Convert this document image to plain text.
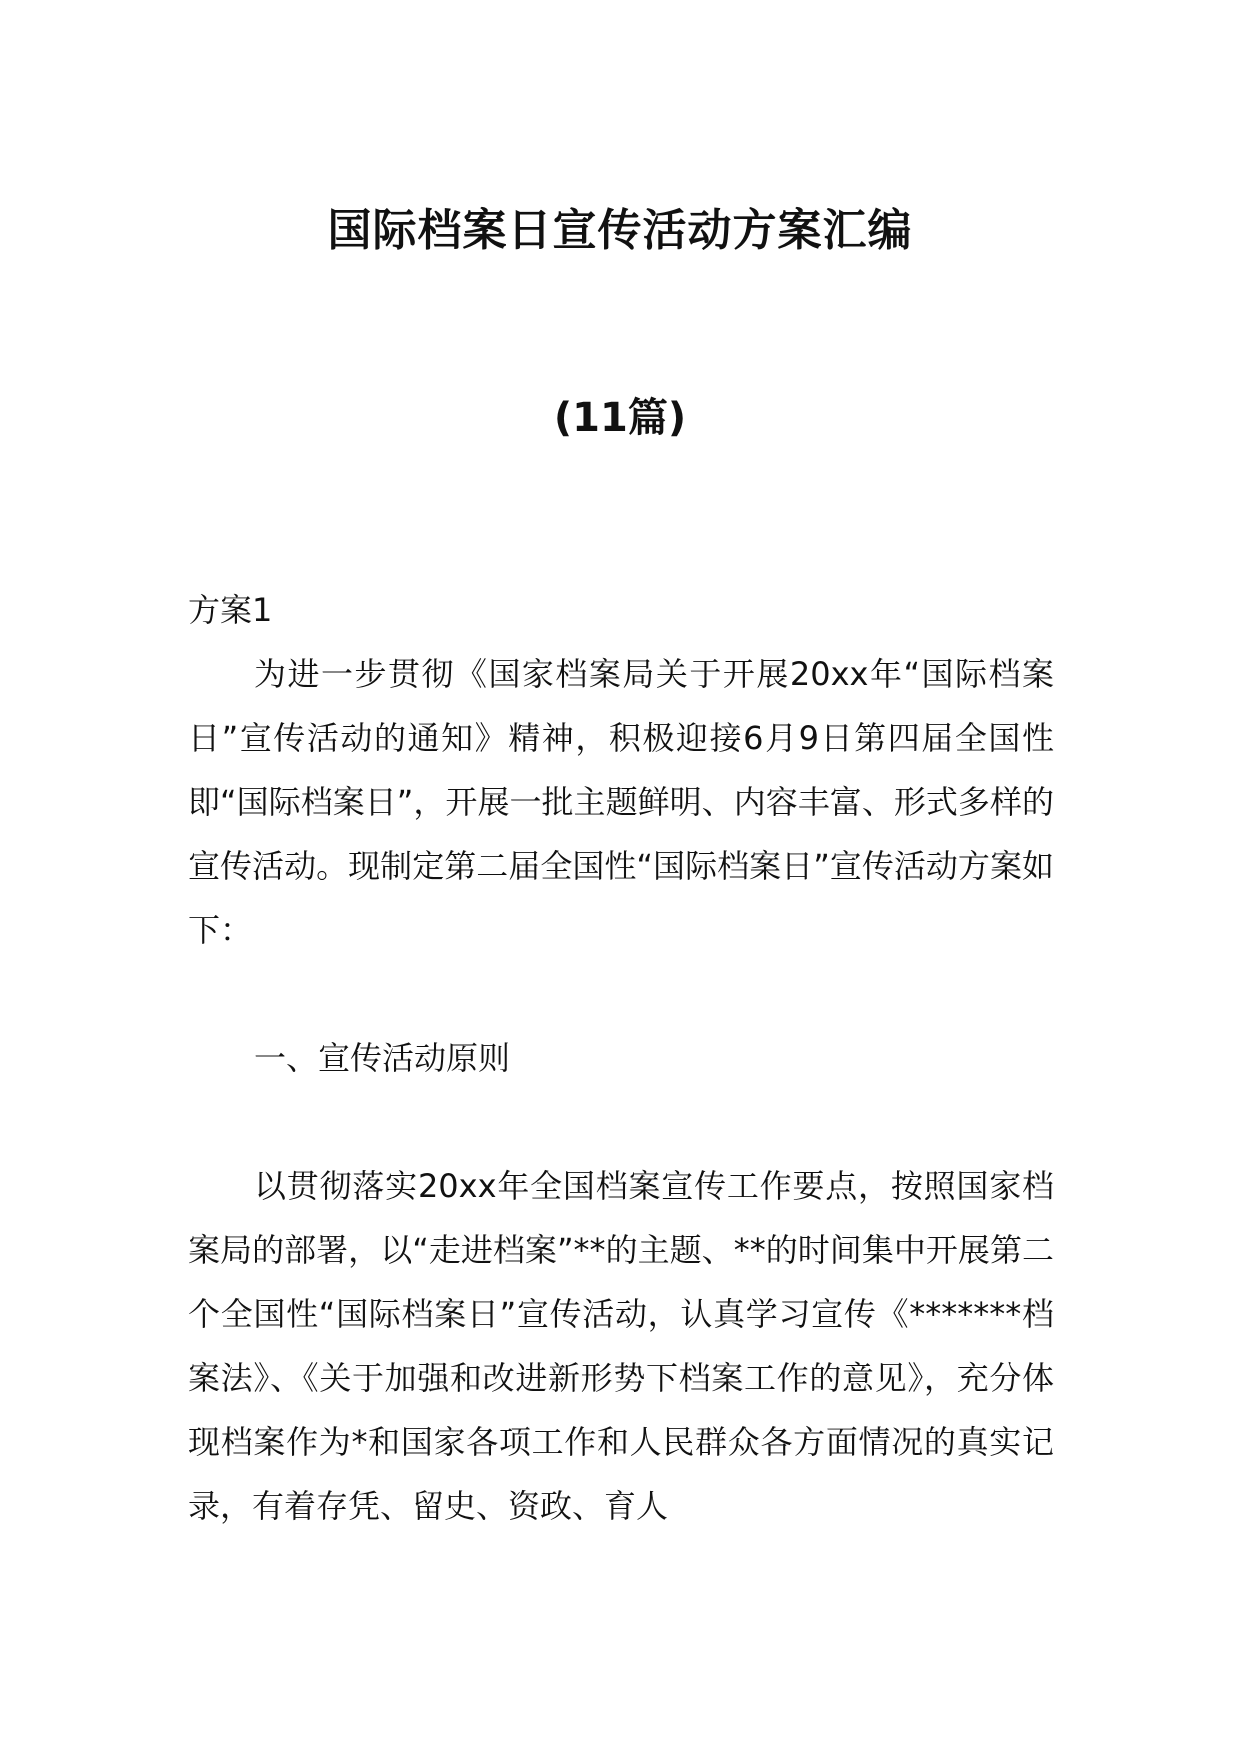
国际档案日宣传活动方案汇编
(11篇)

方案1

为进一步贯彻《国家档案局关于开展20xx年“国际档案日”宣传活动的通知》精神，积极迎接6月9日第四届全国性即“国际档案日”，开展一批主题鲜明、内容丰富、形式多样的宣传活动。现制定第二届全国性“国际档案日”宣传活动方案如下：

一、宣传活动原则

以贯彻落实20xx年全国档案宣传工作要点，按照国家档案局的部署，以“走进档案”**的主题、**的时间集中开展第二个全国性“国际档案日”宣传活动，认真学习宣传《*******档案法》、《关于加强和改进新形势下档案工作的意见》，充分体现档案作为*和国家各项工作和人民群众各方面情况的真实记录，有着存凭、留史、资政、育人
